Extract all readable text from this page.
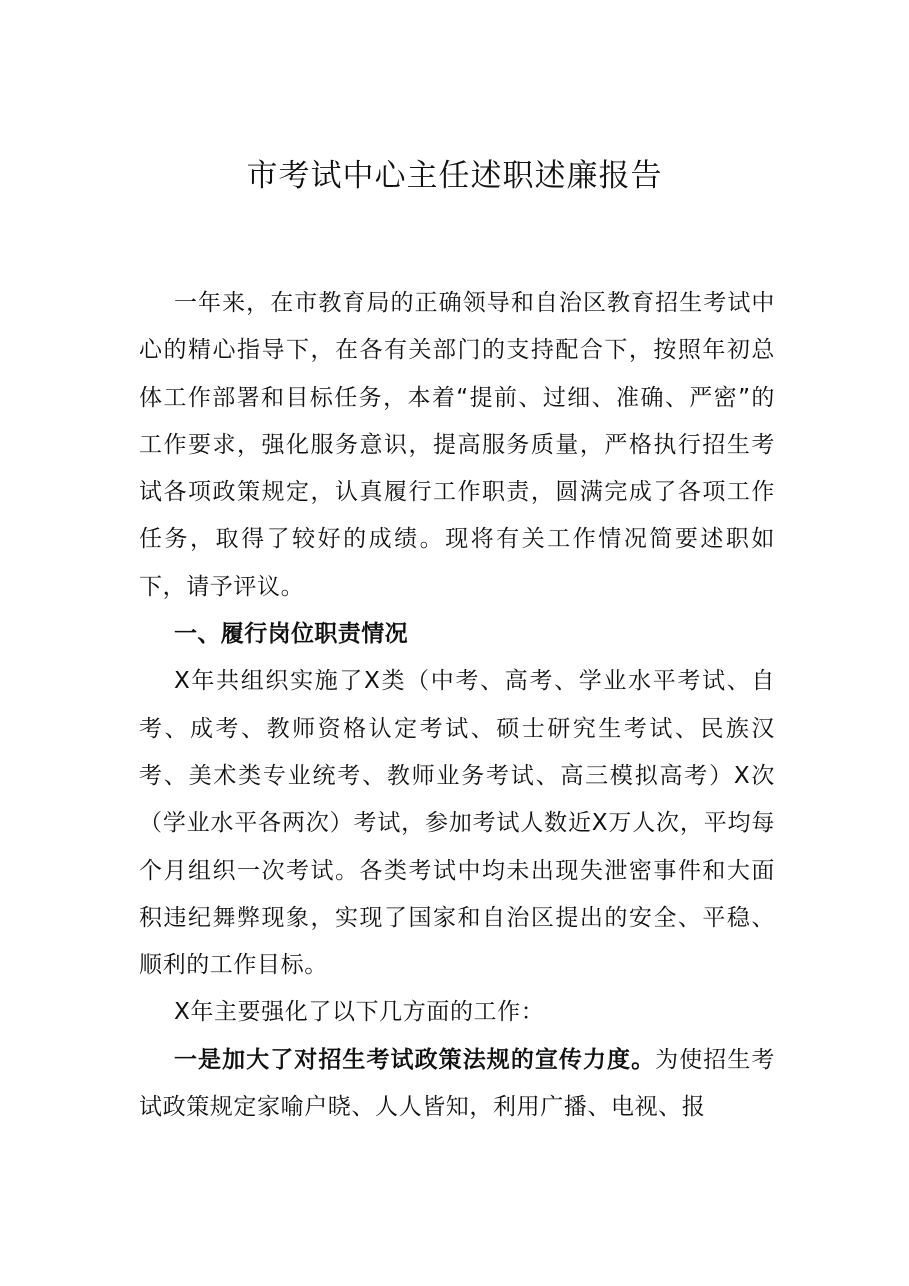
市考试中心主任述职述廉报告

一年来，在市教育局的正确领导和自治区教育招生考试中心的精心指导下，在各有关部门的支持配合下，按照年初总体工作部署和目标任务，本着“提前、过细、准确、严密”的工作要求，强化服务意识，提高服务质量，严格执行招生考试各项政策规定，认真履行工作职责，圆满完成了各项工作任务，取得了较好的成绩。现将有关工作情况简要述职如下，请予评议。

一、履行岗位职责情况

X年共组织实施了X类（中考、高考、学业水平考试、自考、成考、教师资格认定考试、硕士研究生考试、民族汉考、美术类专业统考、教师业务考试、高三模拟高考）X次（学业水平各两次）考试，参加考试人数近X万人次，平均每个月组织一次考试。各类考试中均未出现失泄密事件和大面积违纪舞弊现象，实现了国家和自治区提出的安全、平稳、顺利的工作目标。

X年主要强化了以下几方面的工作：

一是加大了对招生考试政策法规的宣传力度。为使招生考试政策规定家喻户晓、人人皆知，利用广播、电视、报
